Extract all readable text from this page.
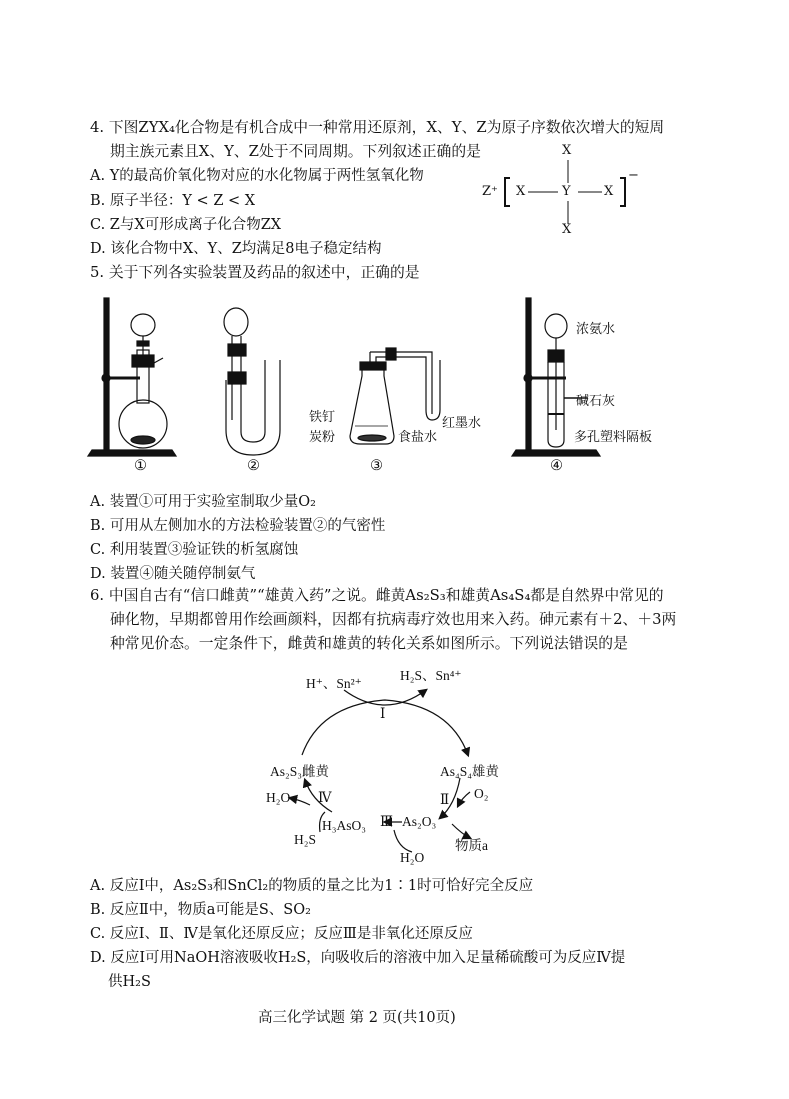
4. 下图ZYX₄化合物是有机合成中一种常用还原剂，X、Y、Z为原子序数依次增大的短周
期主族元素且X、Y、Z处于不同周期。下列叙述正确的是
A. Y的最高价氧化物对应的水化物属于两性氢氧化物
B. 原子半径：Y < Z < X
C. Z与X可形成离子化合物ZX
D. 该化合物中X、Y、Z均满足8电子稳定结构
Z⁺
X
X	Y	X
X
−
5. 关于下列各实验装置及药品的叙述中，正确的是
铁钉
炭粉	食盐水
红墨水
浓氨水
碱石灰
多孔塑料隔板
①	②	③	④
A. 装置①可用于实验室制取少量O₂
B. 可用从左侧加水的方法检验装置②的气密性
C. 利用装置③验证铁的析氢腐蚀
D. 装置④随关随停制氨气
6. 中国自古有“信口雌黄”“雄黄入药”之说。雌黄As₂S₃和雄黄As₄S₄都是自然界中常见的
砷化物，早期都曾用作绘画颜料，因都有抗病毒疗效也用来入药。砷元素有＋2、＋3两
种常见价态。一定条件下，雌黄和雄黄的转化关系如图所示。下列说法错误的是
H⁺、Sn²⁺
H₂S、Sn⁴⁺
Ⅰ
As₂S₃雌黄	As₄S₄雄黄
Ⅱ O₂
As₂O₃
物质a
Ⅲ
H₃AsO₃
H₂O
Ⅳ
H₂O
H₂S
A. 反应Ⅰ中，As₂S₃和SnCl₂的物质的量之比为1∶1时可恰好完全反应
B. 反应Ⅱ中，物质a可能是S、SO₂
C. 反应Ⅰ、Ⅱ、Ⅳ是氧化还原反应；反应Ⅲ是非氧化还原反应
D. 反应Ⅰ可用NaOH溶液吸收H₂S，向吸收后的溶液中加入足量稀硫酸可为反应Ⅳ提
供H₂S
高三化学试题 第 2 页(共10页)
